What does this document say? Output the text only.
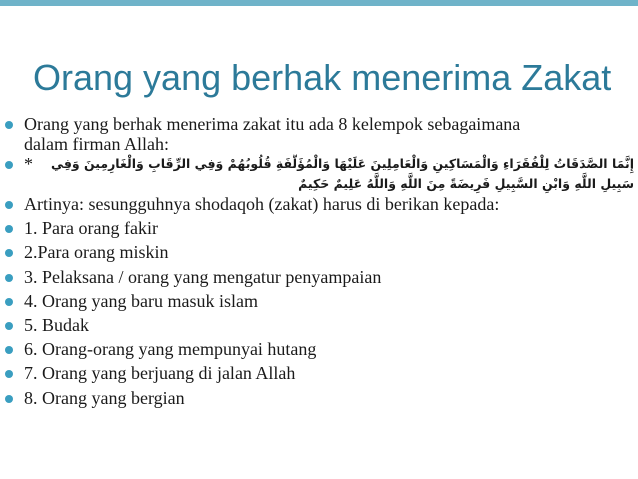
Orang yang berhak menerima Zakat
Orang yang berhak menerima zakat itu ada 8 kelempok sebagaimana dalam firman Allah:
*	إِنَّمَا الصَّدَقَاتُ لِلْفُقَرَاءِ وَالْمَسَاكِينِ وَالْعَامِلِينَ عَلَيْهَا وَالْمُؤَلَّفَةِ قُلُوبُهُمْ وَفِي الرِّقَابِ وَالْغَارِمِينَ وَفِي سَبِيلِ اللَّهِ وَابْنِ السَّبِيلِ فَرِيضَةً مِنَ اللَّهِ وَاللَّهُ عَلِيمٌ حَكِيمٌ
Artinya: sesungguhnya shodaqoh (zakat) harus di berikan kepada:
1. Para orang fakir
2.Para orang miskin
3. Pelaksana / orang yang mengatur penyampaian
4. Orang yang baru masuk islam
5. Budak
6. Orang-orang yang mempunyai hutang
7. Orang yang berjuang di jalan Allah
8. Orang yang bergian
